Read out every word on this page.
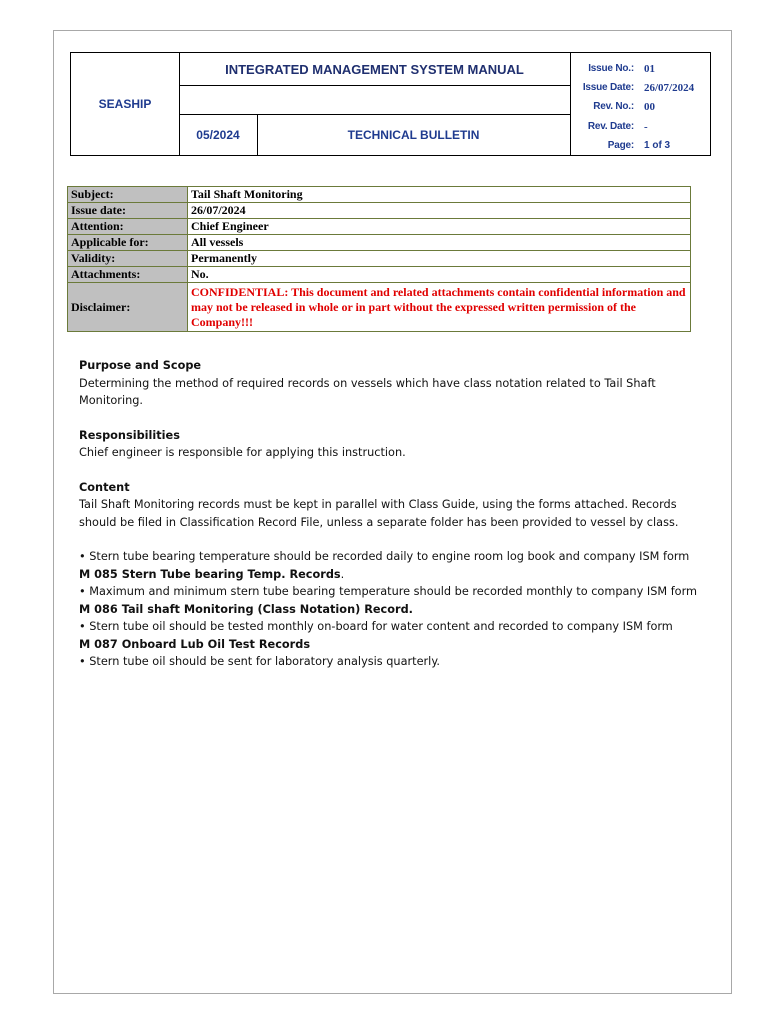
SEASHIP
INTEGRATED MANAGEMENT SYSTEM MANUAL
05/2024	TECHNICAL BULLETIN
Issue No.: 01
Issue Date: 26/07/2024
Rev. No.: 00
Rev. Date: -
Page:	1 of 3
Subject:	Tail Shaft Monitoring
Issue date:	26/07/2024
Attention:	Chief Engineer
Applicable for:	All vessels
Validity:	Permanently
Attachments:	No.
Disclaimer:	CONFIDENTIAL: This document and related attachments contain confidential information and may not be released in whole or in part without the expressed written permission of the Company!!!

Purpose and Scope

Determining the method of required records on vessels which have class notation related to Tail Shaft Monitoring.

Responsibilities

Chief engineer is responsible for applying this instruction.

Content

Tail Shaft Monitoring records must be kept in parallel with Class Guide, using the forms attached. Records should be filed in Classification Record File, unless a separate folder has been provided to vessel by class.

• Stern tube bearing temperature should be recorded daily to engine room log book and company ISM form
M 085 Stern Tube bearing Temp. Records.

• Maximum and minimum stern tube bearing temperature should be recorded monthly to company ISM form
M 086 Tail shaft Monitoring (Class Notation) Record.

• Stern tube oil should be tested monthly on-board for water content and recorded to company ISM form
M 087 Onboard Lub Oil Test Records

• Stern tube oil should be sent for laboratory analysis quarterly.
